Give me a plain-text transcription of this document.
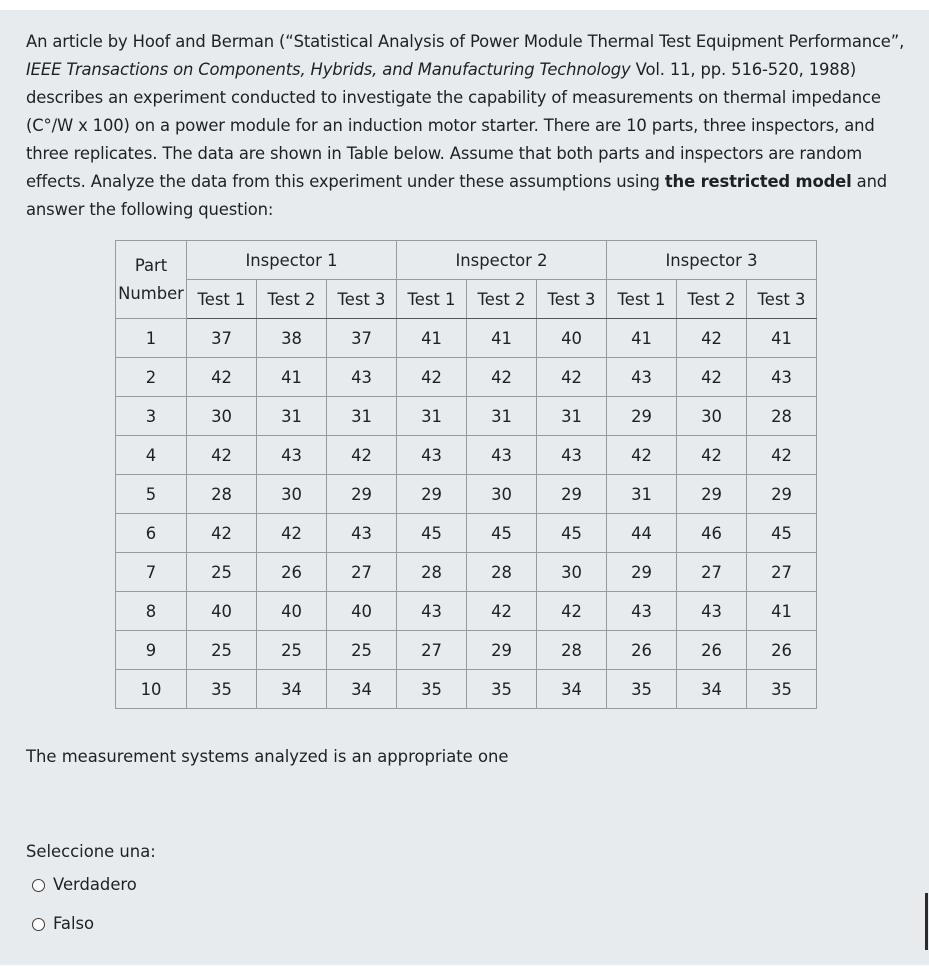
An article by Hoof and Berman (“Statistical Analysis of Power Module Thermal Test Equipment Performance”, IEEE Transactions on Components, Hybrids, and Manufacturing Technology Vol. 11, pp. 516-520, 1988) describes an experiment conducted to investigate the capability of measurements on thermal impedance (C°/W x 100) on a power module for an induction motor starter. There are 10 parts, three inspectors, and three replicates. The data are shown in Table below. Assume that both parts and inspectors are random effects. Analyze the data from this experiment under these assumptions using the restricted model and answer the following question:
Part
Number	Inspector 1			Inspector 2			Inspector 3		
	Test 1	Test 2	Test 3	Test 1	Test 2	Test 3	Test 1	Test 2	Test 3
1	37	38	37	41	41	40	41	42	41
2	42	41	43	42	42	42	43	42	43
3	30	31	31	31	31	31	29	30	28
4	42	43	42	43	43	43	42	42	42
5	28	30	29	29	30	29	31	29	29
6	42	42	43	45	45	45	44	46	45
7	25	26	27	28	28	30	29	27	27
8	40	40	40	43	42	42	43	43	41
9	25	25	25	27	29	28	26	26	26
10	35	34	34	35	35	34	35	34	35
The measurement systems analyzed is an appropriate one
Seleccione una:
Verdadero
Falso
